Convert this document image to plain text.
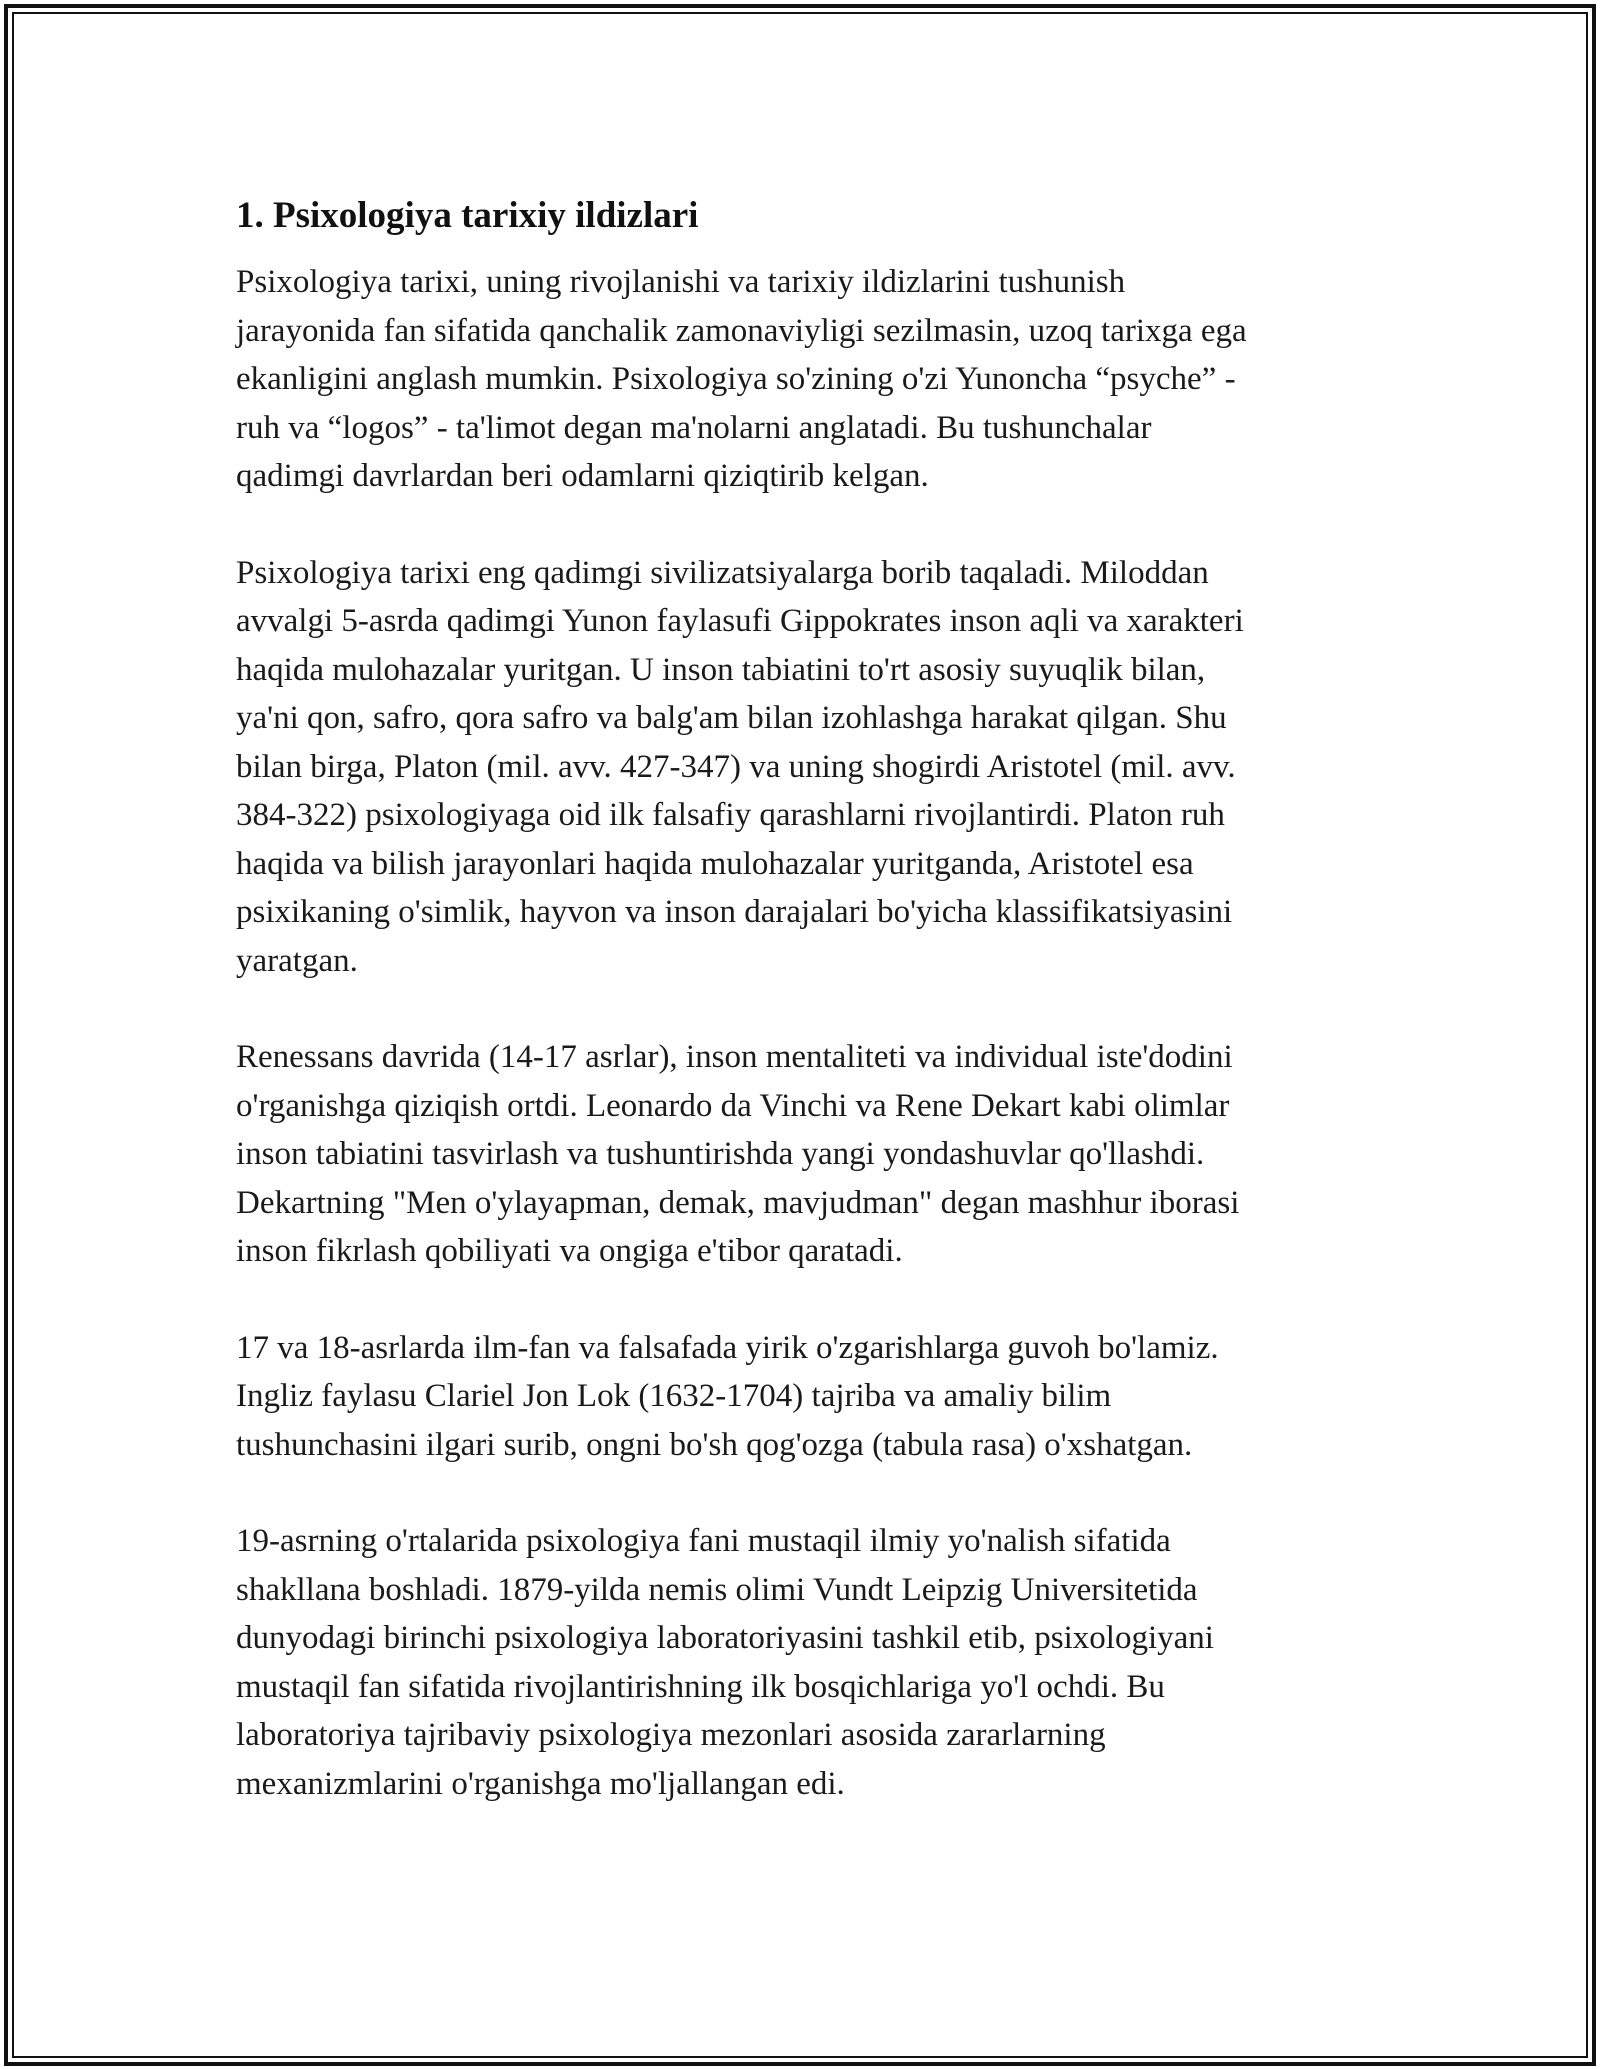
1. Psixologiya tarixiy ildizlari

Psixologiya tarixi, uning rivojlanishi va tarixiy ildizlarini tushunish
jarayonida fan sifatida qanchalik zamonaviyligi sezilmasin, uzoq tarixga ega
ekanligini anglash mumkin. Psixologiya so'zining o'zi Yunoncha “psyche” -
ruh va “logos” - ta'limot degan ma'nolarni anglatadi. Bu tushunchalar
qadimgi davrlardan beri odamlarni qiziqtirib kelgan.

Psixologiya tarixi eng qadimgi sivilizatsiyalarga borib taqaladi. Miloddan
avvalgi 5-asrda qadimgi Yunon faylasufi Gippokrates inson aqli va xarakteri
haqida mulohazalar yuritgan. U inson tabiatini to'rt asosiy suyuqlik bilan,
ya'ni qon, safro, qora safro va balg'am bilan izohlashga harakat qilgan. Shu
bilan birga, Platon (mil. avv. 427-347) va uning shogirdi Aristotel (mil. avv.
384-322) psixologiyaga oid ilk falsafiy qarashlarni rivojlantirdi. Platon ruh
haqida va bilish jarayonlari haqida mulohazalar yuritganda, Aristotel esa
psixikaning o'simlik, hayvon va inson darajalari bo'yicha klassifikatsiyasini
yaratgan.

Renessans davrida (14-17 asrlar), inson mentaliteti va individual iste'dodini
o'rganishga qiziqish ortdi. Leonardo da Vinchi va Rene Dekart kabi olimlar
inson tabiatini tasvirlash va tushuntirishda yangi yondashuvlar qo'llashdi.
Dekartning "Men o'ylayapman, demak, mavjudman" degan mashhur iborasi
inson fikrlash qobiliyati va ongiga e'tibor qaratadi.

17 va 18-asrlarda ilm-fan va falsafada yirik o'zgarishlarga guvoh bo'lamiz.
Ingliz faylasu Clariel Jon Lok (1632-1704) tajriba va amaliy bilim
tushunchasini ilgari surib, ongni bo'sh qog'ozga (tabula rasa) o'xshatgan.

19-asrning o'rtalarida psixologiya fani mustaqil ilmiy yo'nalish sifatida
shakllana boshladi. 1879-yilda nemis olimi Vundt Leipzig Universitetida
dunyodagi birinchi psixologiya laboratoriyasini tashkil etib, psixologiyani
mustaqil fan sifatida rivojlantirishning ilk bosqichlariga yo'l ochdi. Bu
laboratoriya tajribaviy psixologiya mezonlari asosida zararlarning
mexanizmlarini o'rganishga mo'ljallangan edi.
